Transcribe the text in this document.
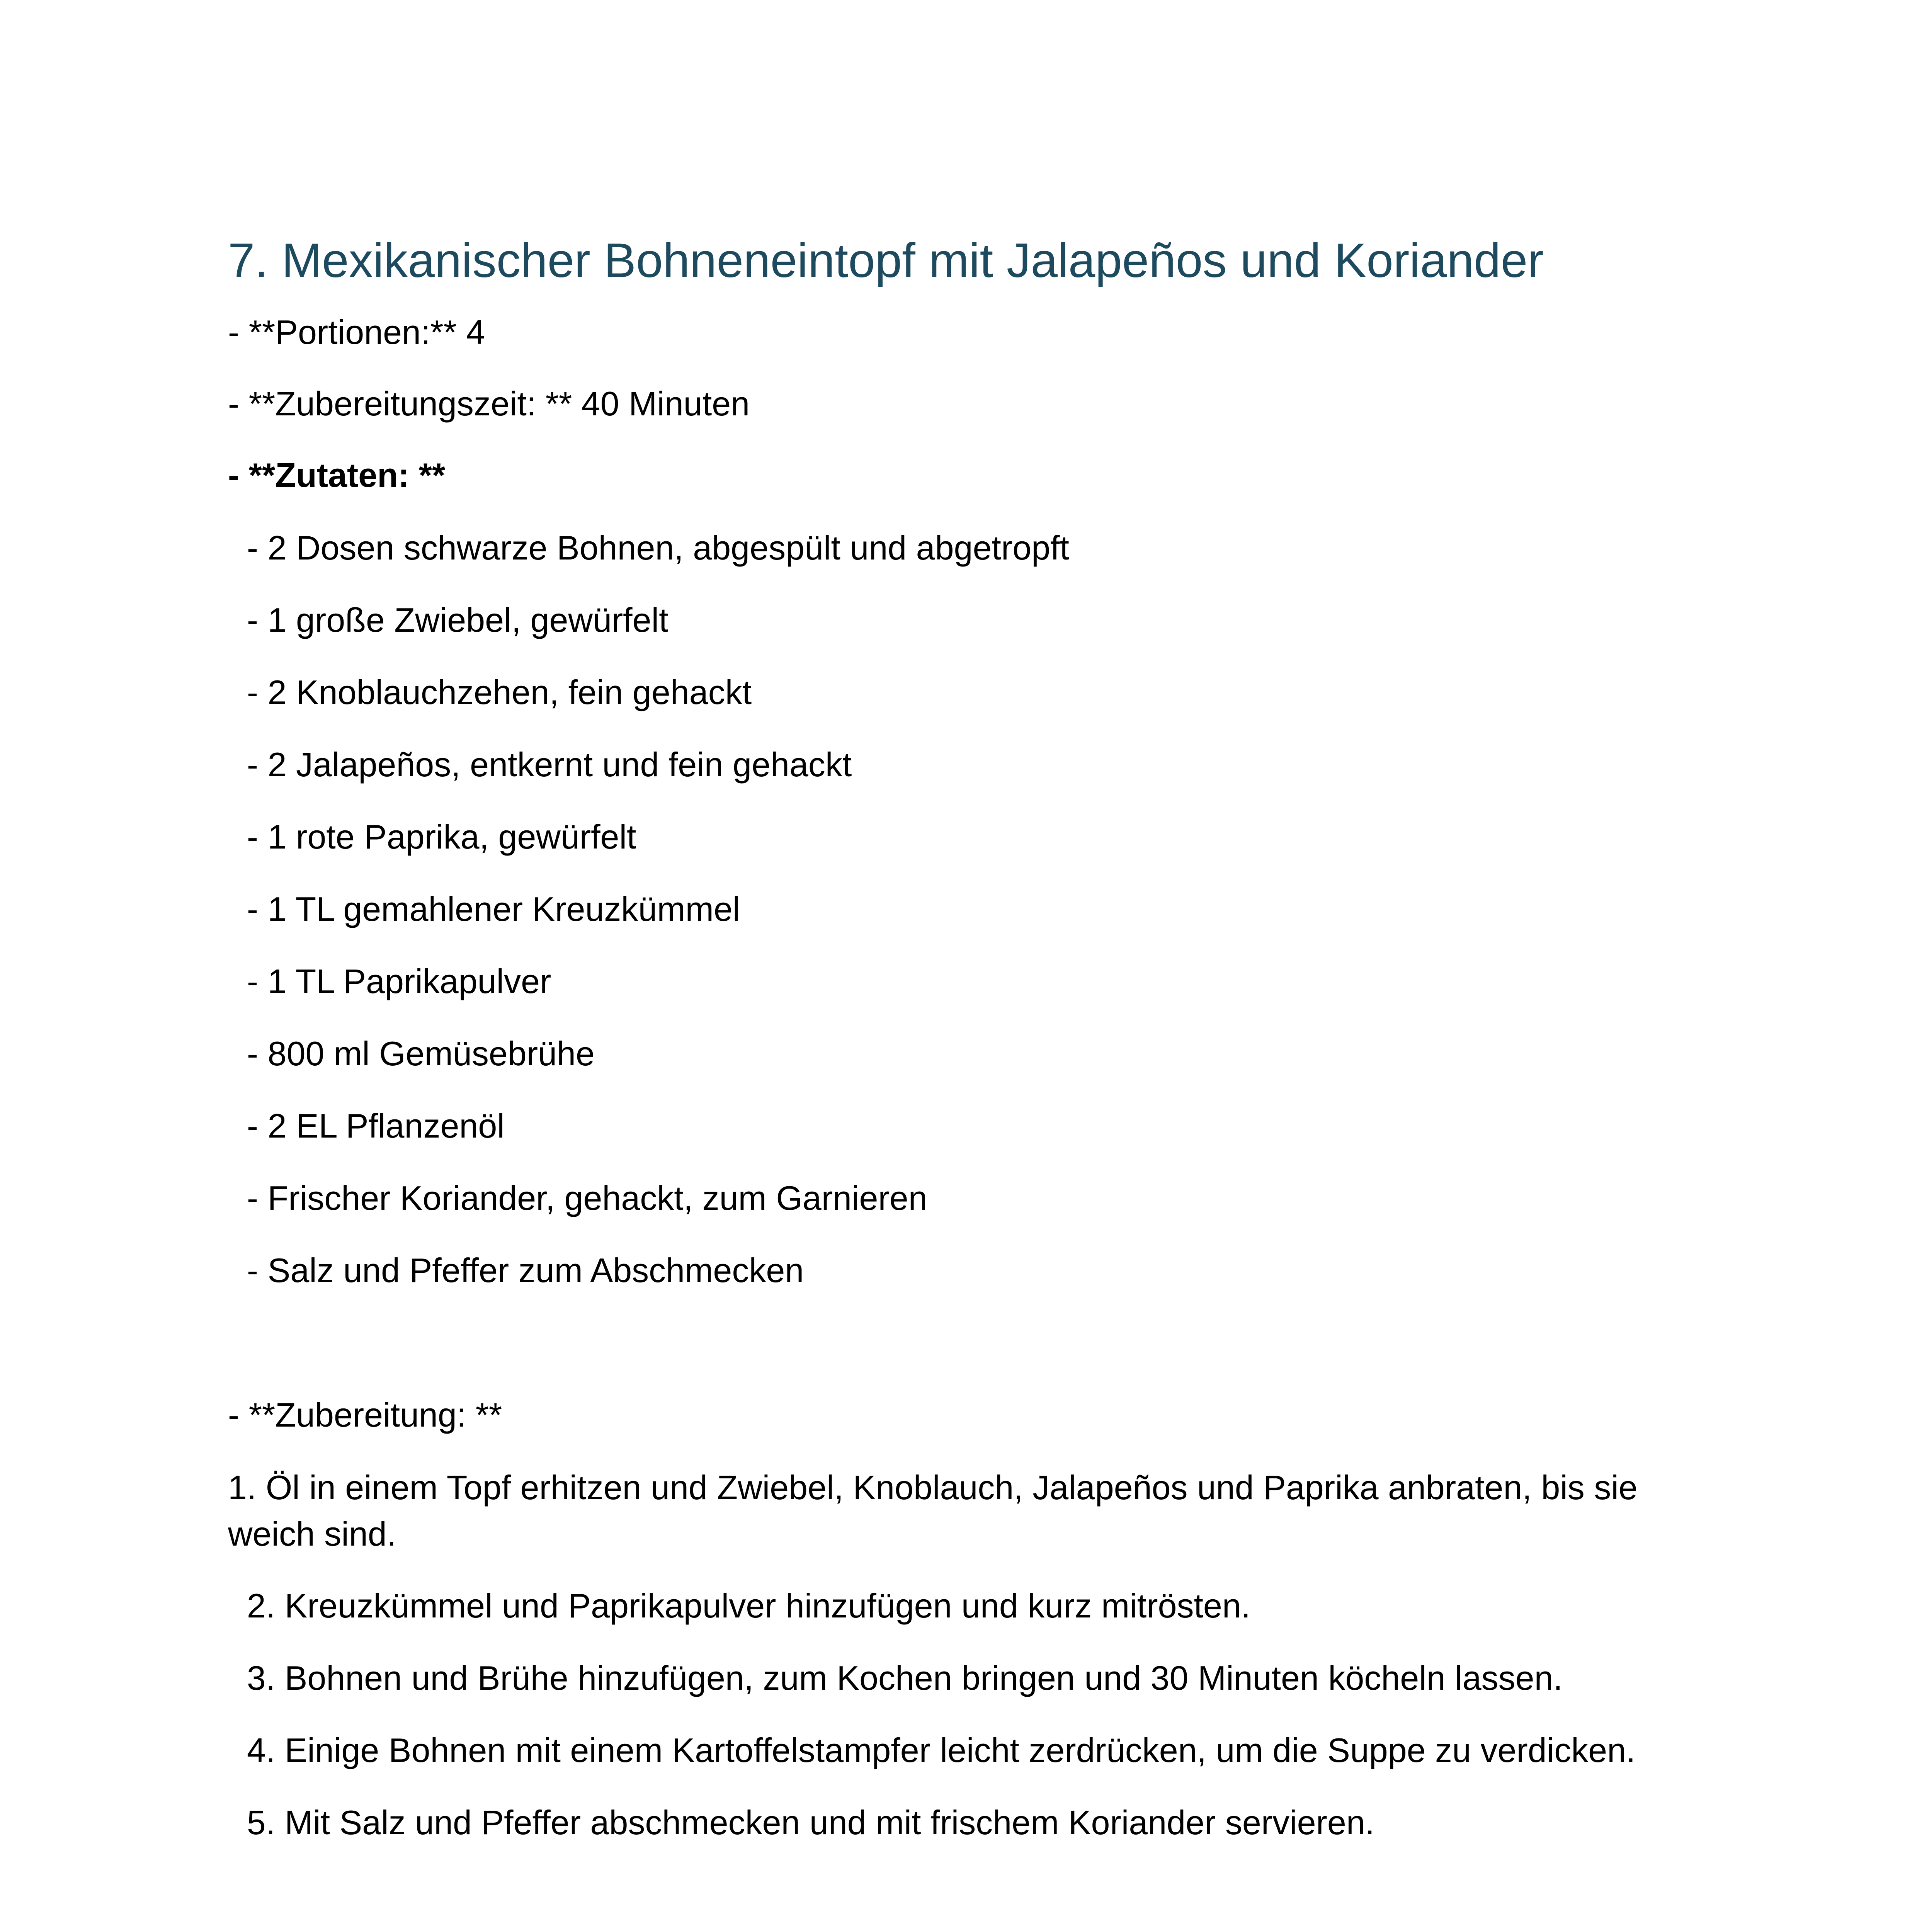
7. Mexikanischer Bohneneintopf mit Jalapeños und Koriander

- **Portionen:** 4

- **Zubereitungszeit: ** 40 Minuten

- **Zutaten: **

- 2 Dosen schwarze Bohnen, abgespült und abgetropft

- 1 große Zwiebel, gewürfelt

- 2 Knoblauchzehen, fein gehackt

- 2 Jalapeños, entkernt und fein gehackt

- 1 rote Paprika, gewürfelt

- 1 TL gemahlener Kreuzkümmel

- 1 TL Paprikapulver

- 800 ml Gemüsebrühe

- 2 EL Pflanzenöl

- Frischer Koriander, gehackt, zum Garnieren

- Salz und Pfeffer zum Abschmecken

- **Zubereitung: **

1. Öl in einem Topf erhitzen und Zwiebel, Knoblauch, Jalapeños und Paprika anbraten, bis sie weich sind.

2. Kreuzkümmel und Paprikapulver hinzufügen und kurz mitrösten.

3. Bohnen und Brühe hinzufügen, zum Kochen bringen und 30 Minuten köcheln lassen.

4. Einige Bohnen mit einem Kartoffelstampfer leicht zerdrücken, um die Suppe zu verdicken.

5. Mit Salz und Pfeffer abschmecken und mit frischem Koriander servieren.
